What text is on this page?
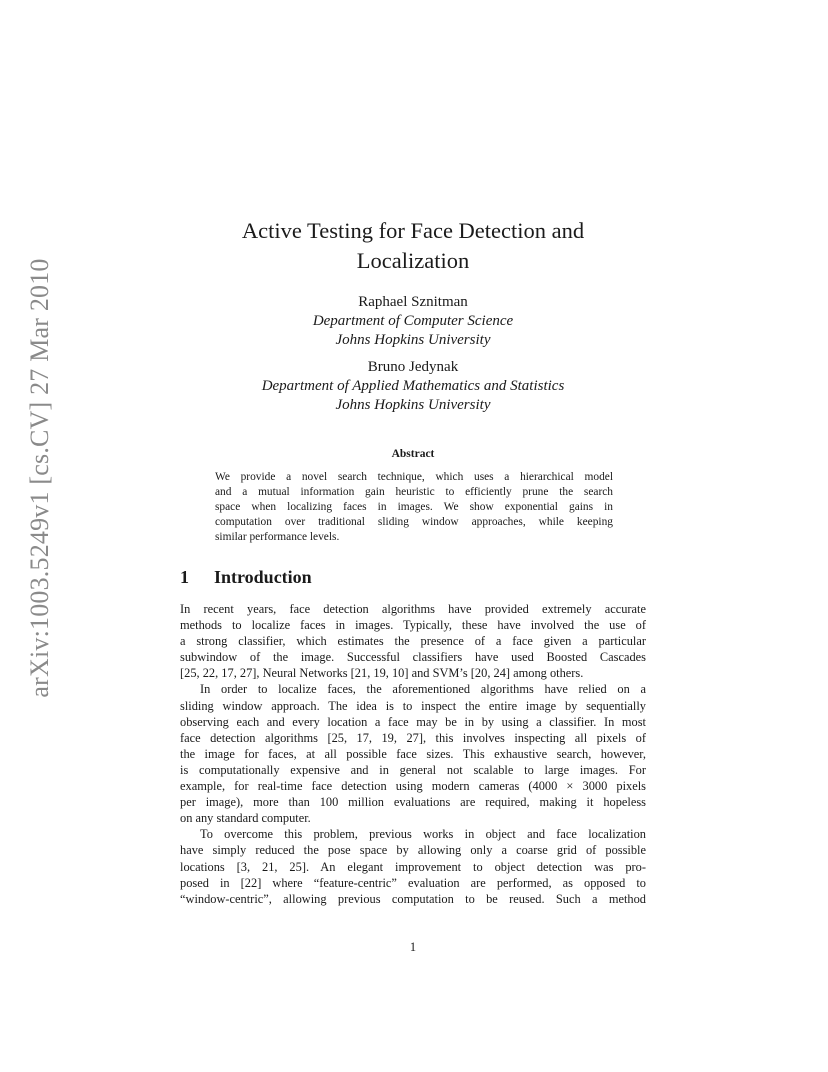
arXiv:1003.5249v1 [cs.CV] 27 Mar 2010
Active Testing for Face Detection and
Localization
Raphael Sznitman
Department of Computer Science
Johns Hopkins University
Bruno Jedynak
Department of Applied Mathematics and Statistics
Johns Hopkins University
Abstract
We provide a novel search technique, which uses a hierarchical model
and a mutual information gain heuristic to efficiently prune the search
space when localizing faces in images. We show exponential gains in
computation over traditional sliding window approaches, while keeping
similar performance levels.
1 Introduction
In recent years, face detection algorithms have provided extremely accurate
methods to localize faces in images. Typically, these have involved the use of
a strong classifier, which estimates the presence of a face given a particular
subwindow of the image. Successful classifiers have used Boosted Cascades
[25, 22, 17, 27], Neural Networks [21, 19, 10] and SVM’s [20, 24] among others.
In order to localize faces, the aforementioned algorithms have relied on a
sliding window approach. The idea is to inspect the entire image by sequentially
observing each and every location a face may be in by using a classifier. In most
face detection algorithms [25, 17, 19, 27], this involves inspecting all pixels of
the image for faces, at all possible face sizes. This exhaustive search, however,
is computationally expensive and in general not scalable to large images. For
example, for real-time face detection using modern cameras (4000 × 3000 pixels
per image), more than 100 million evaluations are required, making it hopeless
on any standard computer.
To overcome this problem, previous works in object and face localization
have simply reduced the pose space by allowing only a coarse grid of possible
locations [3, 21, 25]. An elegant improvement to object detection was pro-
posed in [22] where “feature-centric” evaluation are performed, as opposed to
“window-centric”, allowing previous computation to be reused. Such a method
1
